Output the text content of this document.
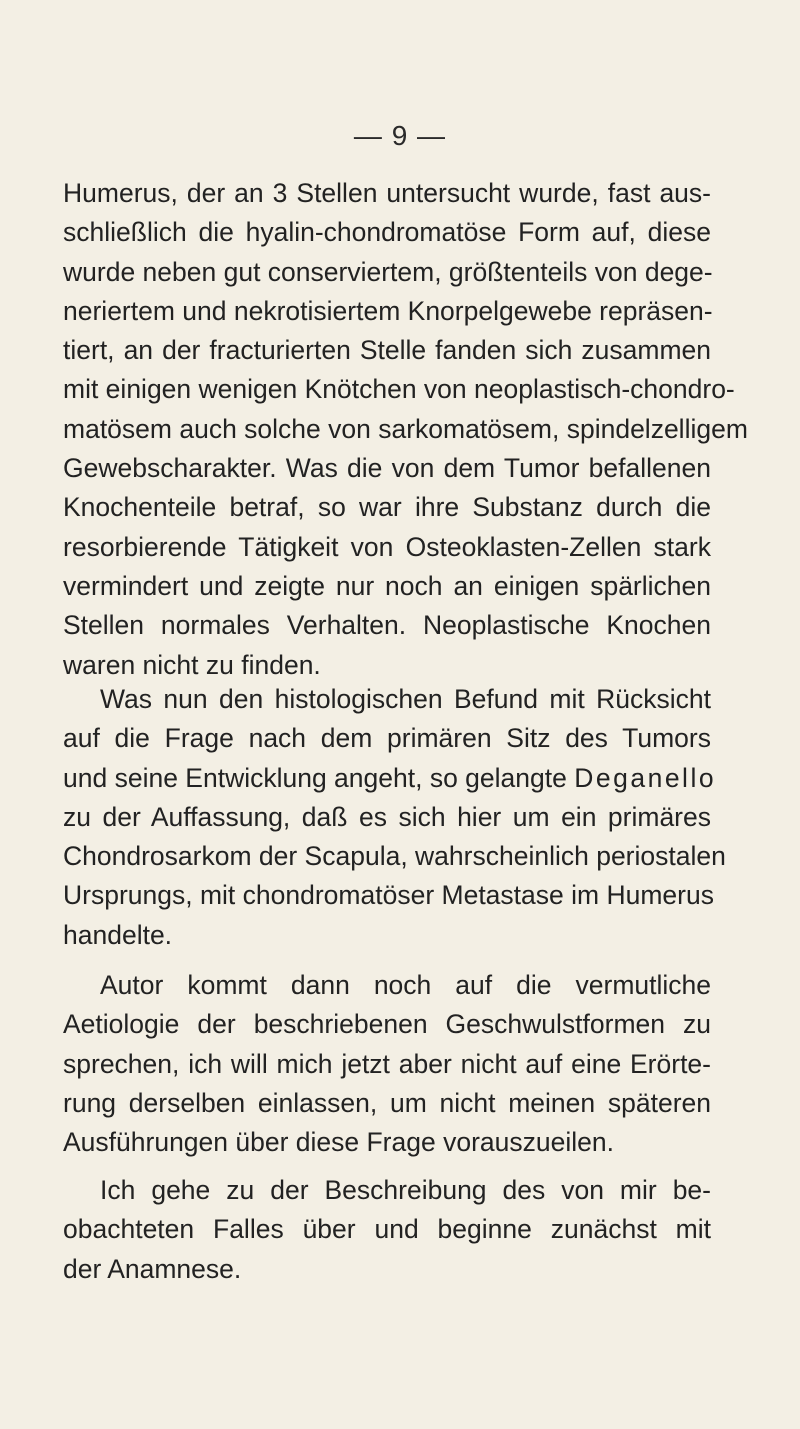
— 9 —
Humerus, der an 3 Stellen untersucht wurde, fast aus-
schließlich die hyalin-chondromatöse Form auf, diese
wurde neben gut conserviertem, größtenteils von dege-
neriertem und nekrotisiertem Knorpelgewebe repräsen-
tiert, an der fracturierten Stelle fanden sich zusammen
mit einigen wenigen Knötchen von neoplastisch-chondro-
matösem auch solche von sarkomatösem, spindelzelligem
Gewebscharakter. Was die von dem Tumor befallenen
Knochenteile betraf, so war ihre Substanz durch die
resorbierende Tätigkeit von Osteoklasten-Zellen stark
vermindert und zeigte nur noch an einigen spärlichen
Stellen normales Verhalten. Neoplastische Knochen
waren nicht zu finden.
Was nun den histologischen Befund mit Rücksicht
auf die Frage nach dem primären Sitz des Tumors
und seine Entwicklung angeht, so gelangte Deganello
zu der Auffassung, daß es sich hier um ein primäres
Chondrosarkom der Scapula, wahrscheinlich periostalen
Ursprungs, mit chondromatöser Metastase im Humerus
handelte.
Autor kommt dann noch auf die vermutliche
Aetiologie der beschriebenen Geschwulstformen zu
sprechen, ich will mich jetzt aber nicht auf eine Erörte-
rung derselben einlassen, um nicht meinen späteren
Ausführungen über diese Frage vorauszueilen.
Ich gehe zu der Beschreibung des von mir be-
obachteten Falles über und beginne zunächst mit
der Anamnese.
